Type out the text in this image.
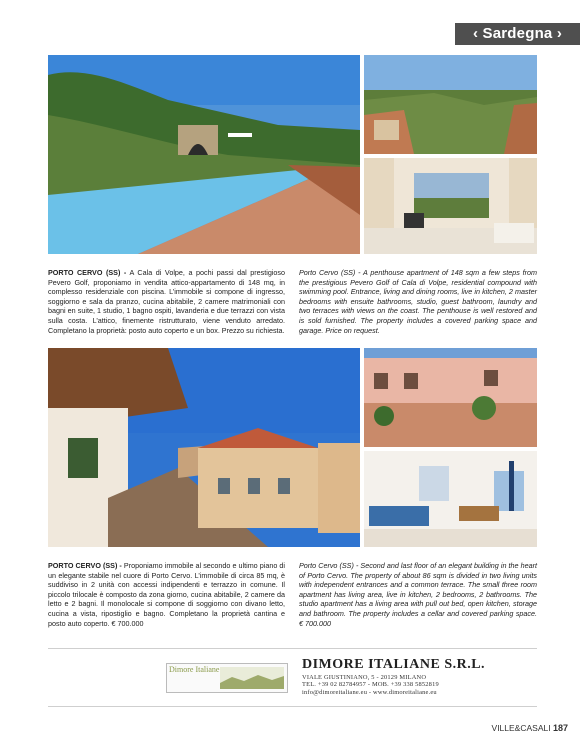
‹ Sardegna ›
PORTO CERVO (SS) - A Cala di Volpe, a pochi passi dal prestigioso Pevero Golf, proponiamo in vendita attico-appartamento di 148 mq, in complesso residenziale con piscina. L’immobile si compone di ingresso, soggiorno e sala da pranzo, cucina abitabile, 2 camere matrimoniali con bagni en suite, 1 studio, 1 bagno ospiti, lavanderia e due terrazzi con vista sulla costa. L’attico, finemente ristrutturato, viene venduto arredato. Completano la proprietà: posto auto coperto e un box. Prezzo su richiesta.
Porto Cervo (SS) - A penthouse apartment of 148 sqm a few steps from the prestigious Pevero Golf of Cala di Volpe, residential compound with swimming pool. Entrance, living and dining rooms, live in kitchen, 2 master bedrooms with ensuite bathrooms, studio, guest bathroom, laundry and two terraces with views on the coast. The penthouse is well restored and is sold furnished. The property includes a covered parking space and garage. Price on request.
PORTO CERVO (SS) - Proponiamo immobile al secondo e ultimo piano di un elegante stabile nel cuore di Porto Cervo. L’immobile di circa 85 mq, è suddiviso in 2 unità con accessi indipendenti e terrazzo in comune. Il piccolo trilocale è composto da zona giorno, cucina abitabile, 2 camere da letto e 2 bagni. Il monolocale si compone di soggiorno con divano letto, cucina a vista, ripostiglio e bagno. Completano la proprietà cantina e posto auto coperto. € 700.000
Porto Cervo (SS) - Second and last floor of an elegant building in the heart of Porto Cervo. The property of about 86 sqm is divided in two living units with independent entrances and a common terrace. The small three room apartment has living area, live in kitchen, 2 bedrooms, 2 bathrooms. The studio apartment has a living area with pull out bed, open kitchen, storage and bathroom. The property includes a cellar and covered parking space. € 700.000
Dimore Italiane	DIMORE ITALIANE S.R.L.
VIALE GIUSTINIANO, 5 - 20129 MILANO
TEL. +39 02 82784957 - MOB. +39 338 5852819
info@dimoreitaliane.eu - www.dimoreitaliane.eu
VILLE&CASALI 187
